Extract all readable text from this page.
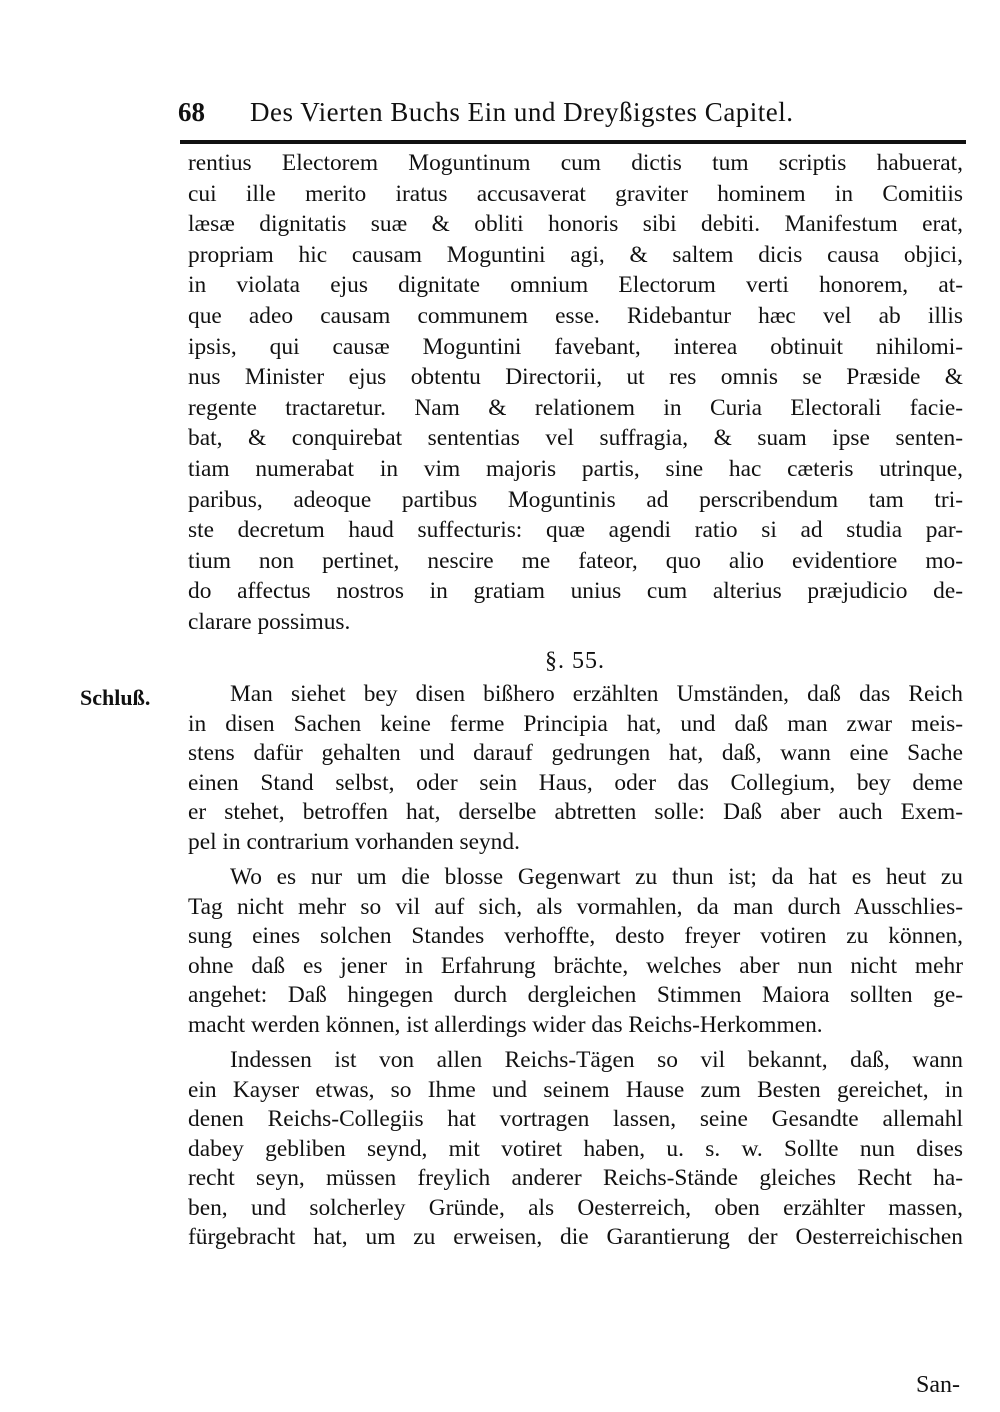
68 Des Vierten Buchs Ein und Dreyßigstes Capitel.
rentius Electorem Moguntinum cum dictis tum scriptis habuerat,
cui ille merito iratus accusaverat graviter hominem in Comitiis
læsæ dignitatis suæ & obliti honoris sibi debiti. Manifestum erat,
propriam hic causam Moguntini agi, & saltem dicis causa objici,
in violata ejus dignitate omnium Electorum verti honorem, at-
que adeo causam communem esse. Ridebantur hæc vel ab illis
ipsis, qui causæ Moguntini favebant, interea obtinuit nihilomi-
nus Minister ejus obtentu Directorii, ut res omnis se Præside &
regente tractaretur. Nam & relationem in Curia Electorali facie-
bat, & conquirebat sententias vel suffragia, & suam ipse senten-
tiam numerabat in vim majoris partis, sine hac cæteris utrinque,
paribus, adeoque partibus Moguntinis ad perscribendum tam tri-
ste decretum haud suffecturis: quæ agendi ratio si ad studia par-
tium non pertinet, nescire me fateor, quo alio evidentiore mo-
do affectus nostros in gratiam unius cum alterius præjudicio de-
clarare possimus.
§. 55.
Schluß.	Man siehet bey disen bißhero erzählten Umständen, daß das Reich
in disen Sachen keine ferme Principia hat, und daß man zwar meis-
stens dafür gehalten und darauf gedrungen hat, daß, wann eine Sache
einen Stand selbst, oder sein Haus, oder das Collegium, bey deme
er stehet, betroffen hat, derselbe abtretten solle: Daß aber auch Exem-
pel in contrarium vorhanden seynd.
Wo es nur um die blosse Gegenwart zu thun ist; da hat es heut zu
Tag nicht mehr so vil auf sich, als vormahlen, da man durch Ausschlies-
sung eines solchen Standes verhoffte, desto freyer votiren zu können,
ohne daß es jener in Erfahrung brächte, welches aber nun nicht mehr
angehet: Daß hingegen durch dergleichen Stimmen Maiora sollten ge-
macht werden können, ist allerdings wider das Reichs-Herkommen.
Indessen ist von allen Reichs-Tägen so vil bekannt, daß, wann
ein Kayser etwas, so Ihme und seinem Hause zum Besten gereichet, in
denen Reichs-Collegiis hat vortragen lassen, seine Gesandte allemahl
dabey gebliben seynd, mit votiret haben, u. s. w. Sollte nun dises
recht seyn, müssen freylich anderer Reichs-Stände gleiches Recht ha-
ben, und solcherley Gründe, als Oesterreich, oben erzählter massen,
fürgebracht hat, um zu erweisen, die Garantierung der Oesterreichischen
San-
